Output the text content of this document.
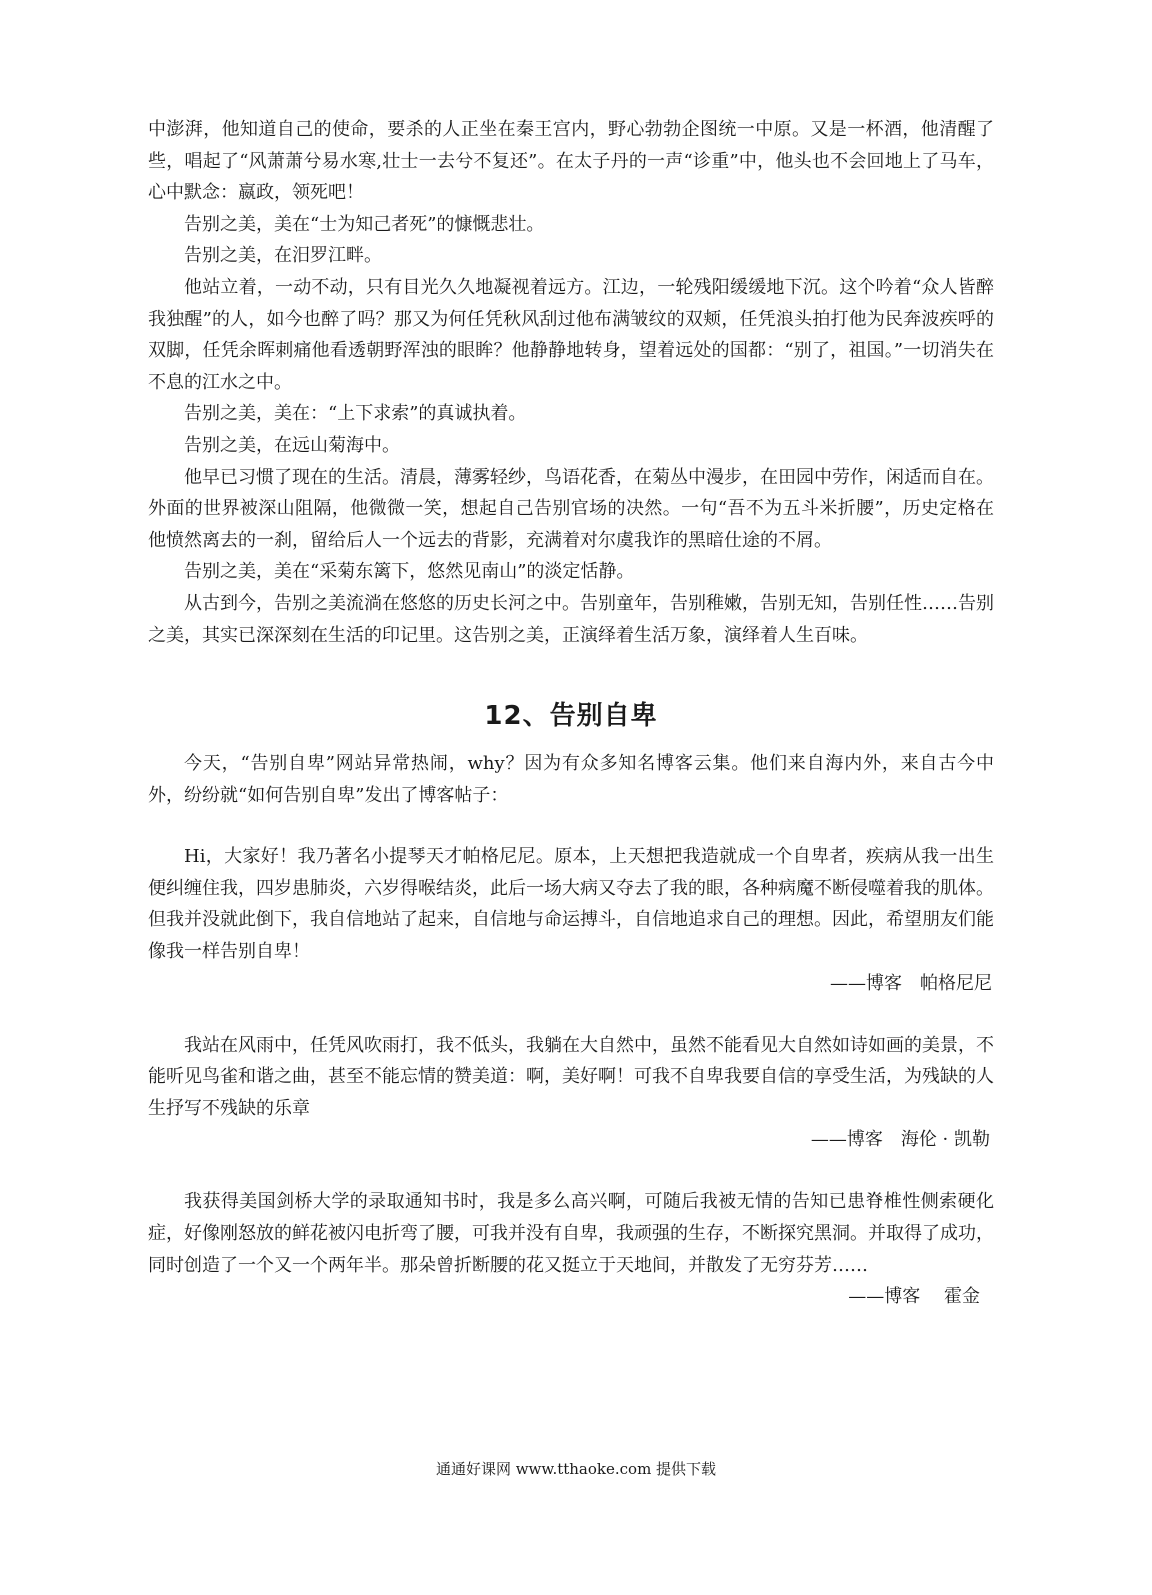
中澎湃，他知道自己的使命，要杀的人正坐在秦王宫内，野心勃勃企图统一中原。又是一杯酒，他清醒了些，唱起了“风萧萧兮易水寒,壮士一去兮不复还”。在太子丹的一声“诊重”中，他头也不会回地上了马车，心中默念：嬴政，领死吧！

告别之美，美在“士为知己者死”的慷慨悲壮。

告别之美，在汨罗江畔。

他站立着，一动不动，只有目光久久地凝视着远方。江边，一轮残阳缓缓地下沉。这个吟着“众人皆醉我独醒”的人，如今也醉了吗？那又为何任凭秋风刮过他布满皱纹的双颊，任凭浪头拍打他为民奔波疾呼的双脚，任凭余晖刺痛他看透朝野浑浊的眼眸？他静静地转身，望着远处的国都：“别了，祖国。”一切消失在不息的江水之中。

告别之美，美在：“上下求索”的真诚执着。

告别之美，在远山菊海中。

他早已习惯了现在的生活。清晨，薄雾轻纱，鸟语花香，在菊丛中漫步，在田园中劳作，闲适而自在。外面的世界被深山阻隔，他微微一笑，想起自己告别官场的决然。一句“吾不为五斗米折腰”，历史定格在他愤然离去的一刹，留给后人一个远去的背影，充满着对尔虞我诈的黑暗仕途的不屑。

告别之美，美在“采菊东篱下，悠然见南山”的淡定恬静。

从古到今，告别之美流淌在悠悠的历史长河之中。告别童年，告别稚嫩，告别无知，告别任性……告别之美，其实已深深刻在生活的印记里。这告别之美，正演绎着生活万象，演绎着人生百味。

12、告别自卑

今天，“告别自卑”网站异常热闹，why？因为有众多知名博客云集。他们来自海内外，来自古今中外，纷纷就“如何告别自卑”发出了博客帖子：

Hi，大家好！我乃著名小提琴天才帕格尼尼。原本，上天想把我造就成一个自卑者，疾病从我一出生便纠缠住我，四岁患肺炎，六岁得喉结炎，此后一场大病又夺去了我的眼，各种病魔不断侵噬着我的肌体。但我并没就此倒下，我自信地站了起来，自信地与命运搏斗，自信地追求自己的理想。因此，希望朋友们能像我一样告别自卑！

——博客　帕格尼尼

我站在风雨中，任凭风吹雨打，我不低头，我躺在大自然中，虽然不能看见大自然如诗如画的美景，不能听见鸟雀和谐之曲，甚至不能忘情的赞美道：啊，美好啊！可我不自卑我要自信的享受生活，为残缺的人生抒写不残缺的乐章

——博客　海伦 · 凯勒

我获得美国剑桥大学的录取通知书时，我是多么高兴啊，可随后我被无情的告知已患脊椎性侧索硬化症，好像刚怒放的鲜花被闪电折弯了腰，可我并没有自卑，我顽强的生存，不断探究黑洞。并取得了成功，同时创造了一个又一个两年半。那朵曾折断腰的花又挺立于天地间，并散发了无穷芬芳……

——博客　 霍金

通通好课网 www.tthaoke.com 提供下载
